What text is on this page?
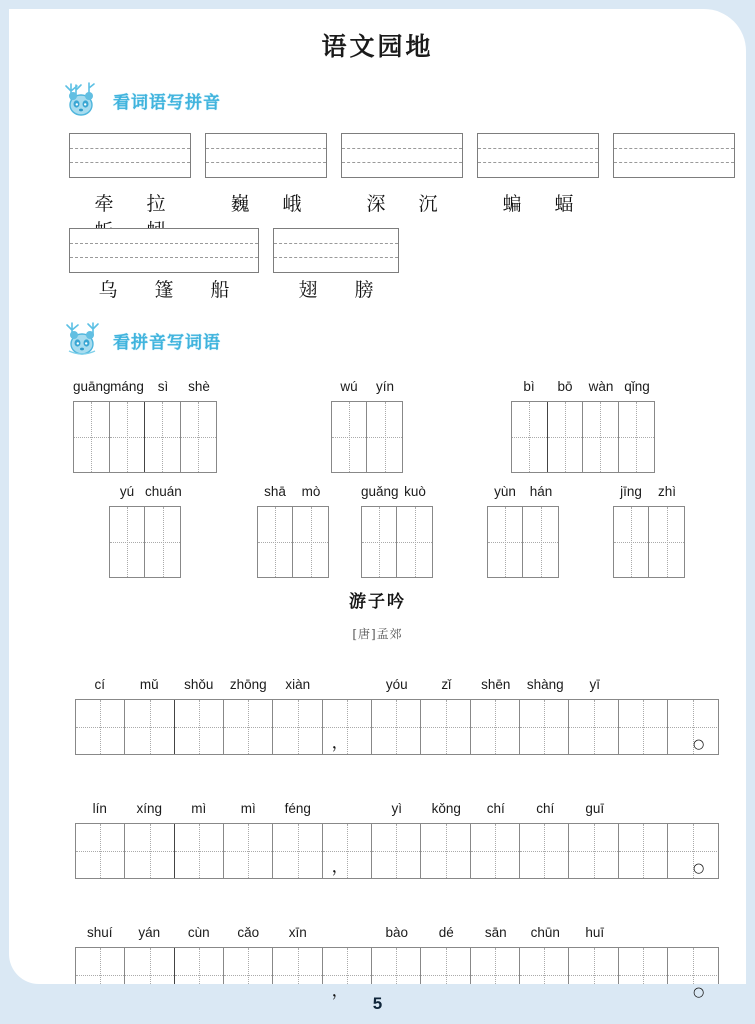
语文园地
看词语写拼音
牵 拉	巍 峨	深 沉	蝙 蝠
乌 篷 船	翅 膀
看拼音写词语
guāng máng	sì	shè	wú	yín	bì	bō	wàn qǐng
yú chuán	shā	mò	guǎng kuò	yùn	hán	jīng	zhì
游子吟
[唐]孟郊
cí	mǔ	shǒu	zhōng	xiàn	yóu	zǐ	shēn	shàng	yī
，	○
lín	xíng	mì	mì	féng	yì	kǒng	chí	chí	guī
，	○
shuí	yán	cùn	cǎo	xīn	bào	dé	sān	chūn	huī
，	○
5
